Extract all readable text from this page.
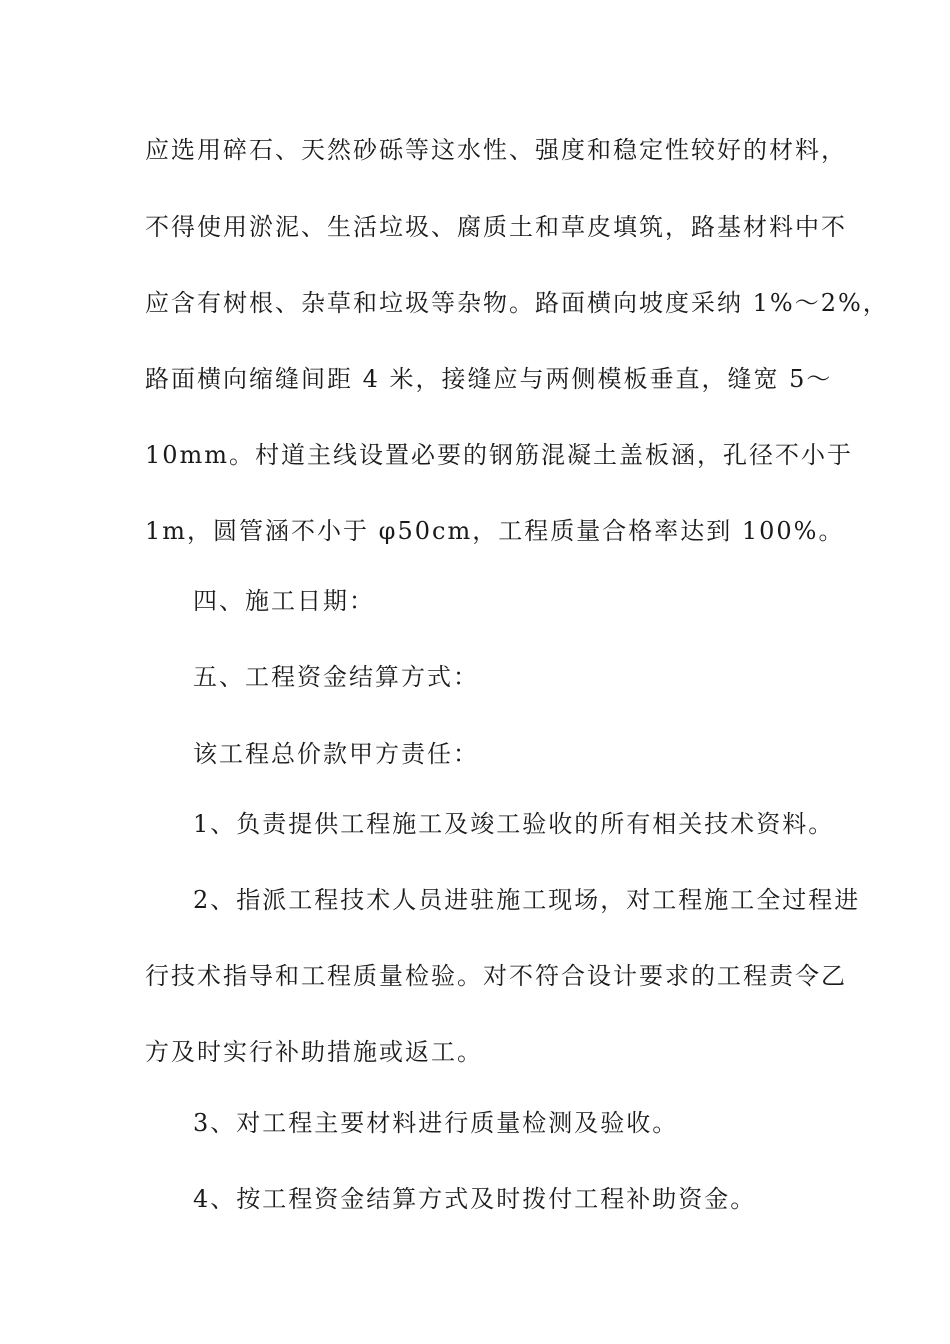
应选用碎石、天然砂砾等这水性、强度和稳定性较好的材料，
不得使用淤泥、生活垃圾、腐质土和草皮填筑，路基材料中不
应含有树根、杂草和垃圾等杂物。路面横向坡度采纳 1%～2%，
路面横向缩缝间距 4 米，接缝应与两侧模板垂直，缝宽 5～
10mm。村道主线设置必要的钢筋混凝土盖板涵，孔径不小于
1m，圆管涵不小于 φ50cm，工程质量合格率达到 100%。
四、施工日期：
五、工程资金结算方式：
该工程总价款甲方责任：
1、负责提供工程施工及竣工验收的所有相关技术资料。
2、指派工程技术人员进驻施工现场，对工程施工全过程进
行技术指导和工程质量检验。对不符合设计要求的工程责令乙
方及时实行补助措施或返工。
3、对工程主要材料进行质量检测及验收。
4、按工程资金结算方式及时拨付工程补助资金。
